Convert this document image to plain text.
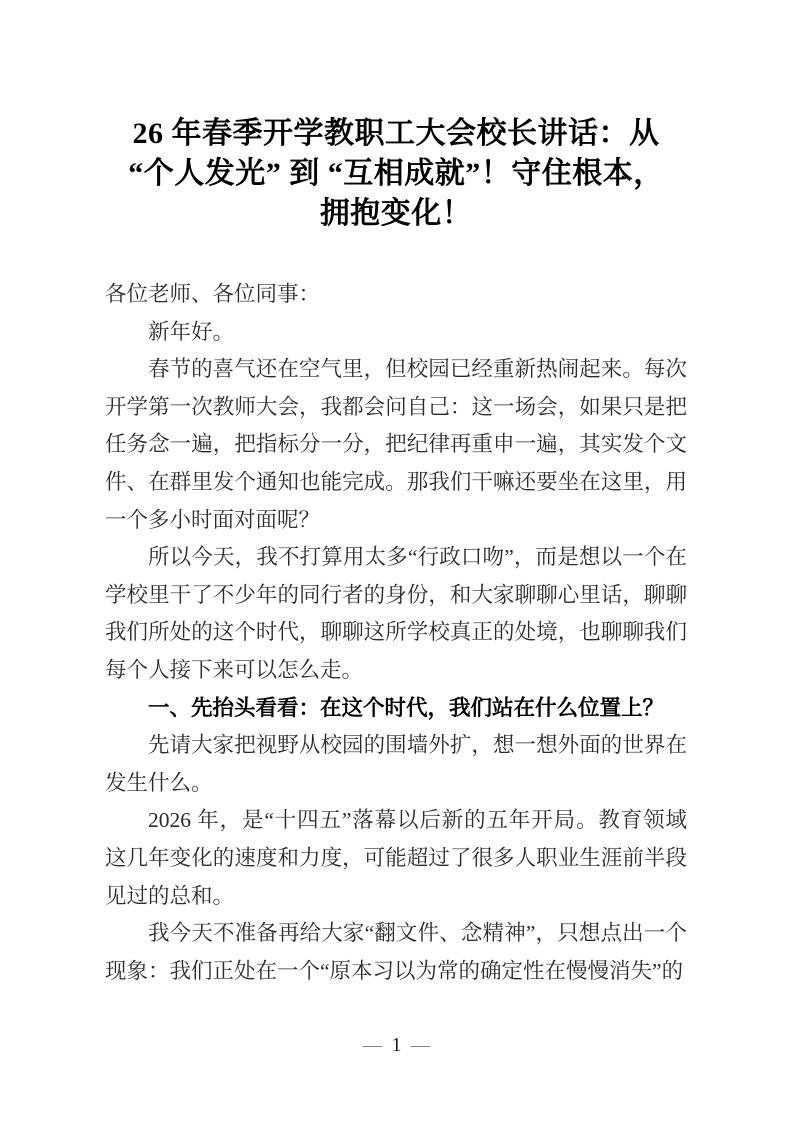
26 年春季开学教职工大会校长讲话：从
“个人发光” 到 “互相成就”！守住根本，
拥抱变化！

各位老师、各位同事：

新年好。

春节的喜气还在空气里，但校园已经重新热闹起来。每次开学第一次教师大会，我都会问自己：这一场会，如果只是把任务念一遍，把指标分一分，把纪律再重申一遍，其实发个文件、在群里发个通知也能完成。那我们干嘛还要坐在这里，用一个多小时面对面呢？

所以今天，我不打算用太多“行政口吻”，而是想以一个在学校里干了不少年的同行者的身份，和大家聊聊心里话，聊聊我们所处的这个时代，聊聊这所学校真正的处境，也聊聊我们每个人接下来可以怎么走。

一、先抬头看看：在这个时代，我们站在什么位置上？

先请大家把视野从校园的围墙外扩，想一想外面的世界在发生什么。

2026 年，是“十四五”落幕以后新的五年开局。教育领域这几年变化的速度和力度，可能超过了很多人职业生涯前半段见过的总和。

我今天不准备再给大家“翻文件、念精神”，只想点出一个现象：我们正处在一个“原本习以为常的确定性在慢慢消失”的

— 1 —
